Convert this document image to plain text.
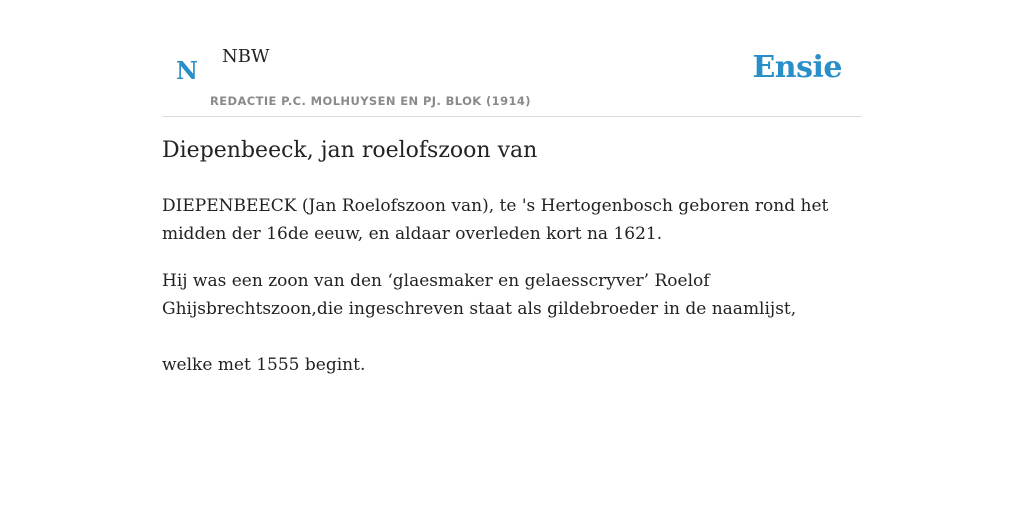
N NBW
REDACTIE P.C. MOLHUYSEN EN PJ. BLOK (1914)
Ensie
Diepenbeeck, jan roelofszoon van

DIEPENBEECK (Jan Roelofszoon van), te 's Hertogenbosch geboren rond het midden der 16de eeuw, en aldaar overleden kort na 1621.

Hij was een zoon van den ‘glaesmaker en gelaesscryver’ Roelof Ghijsbrechtszoon,die ingeschreven staat als gildebroeder in de naamlijst,

welke met 1555 begint.
